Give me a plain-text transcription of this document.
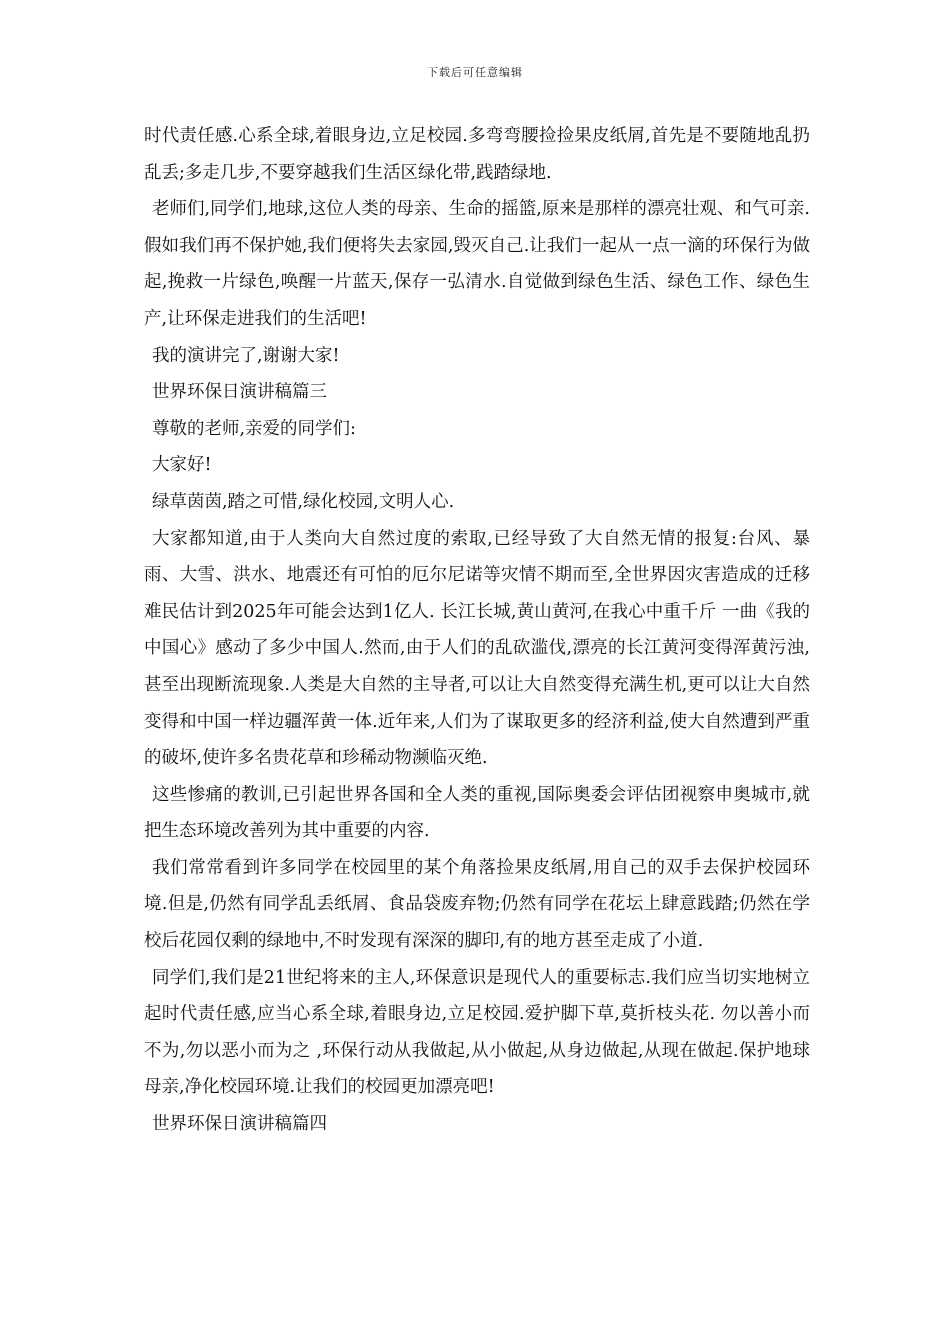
下载后可任意编辑

时代责任感.心系全球,着眼身边,立足校园.多弯弯腰捡捡果皮纸屑,首先是不要随地乱扔乱丢;多走几步,不要穿越我们生活区绿化带,践踏绿地.

老师们,同学们,地球,这位人类的母亲、生命的摇篮,原来是那样的漂亮壮观、和气可亲.假如我们再不保护她,我们便将失去家园,毁灭自己.让我们一起从一点一滴的环保行为做起,挽救一片绿色,唤醒一片蓝天,保存一弘清水.自觉做到绿色生活、绿色工作、绿色生产,让环保走进我们的生活吧!

我的演讲完了,谢谢大家!

世界环保日演讲稿篇三

尊敬的老师,亲爱的同学们:

大家好!

绿草茵茵,踏之可惜,绿化校园,文明人心.

大家都知道,由于人类向大自然过度的索取,已经导致了大自然无情的报复:台风、暴雨、大雪、洪水、地震还有可怕的厄尔尼诺等灾情不期而至,全世界因灾害造成的迁移难民估计到2025年可能会达到1亿人. 长江长城,黄山黄河,在我心中重千斤 一曲《我的中国心》感动了多少中国人.然而,由于人们的乱砍滥伐,漂亮的长江黄河变得浑黄污浊,甚至出现断流现象.人类是大自然的主导者,可以让大自然变得充满生机,更可以让大自然变得和中国一样边疆浑黄一体.近年来,人们为了谋取更多的经济利益,使大自然遭到严重的破坏,使许多名贵花草和珍稀动物濒临灭绝.

这些惨痛的教训,已引起世界各国和全人类的重视,国际奥委会评估团视察申奥城市,就把生态环境改善列为其中重要的内容.

我们常常看到许多同学在校园里的某个角落捡果皮纸屑,用自己的双手去保护校园环境.但是,仍然有同学乱丢纸屑、食品袋废弃物;仍然有同学在花坛上肆意践踏;仍然在学校后花园仅剩的绿地中,不时发现有深深的脚印,有的地方甚至走成了小道.

同学们,我们是21世纪将来的主人,环保意识是现代人的重要标志.我们应当切实地树立起时代责任感,应当心系全球,着眼身边,立足校园.爱护脚下草,莫折枝头花. 勿以善小而不为,勿以恶小而为之 ,环保行动从我做起,从小做起,从身边做起,从现在做起.保护地球母亲,净化校园环境.让我们的校园更加漂亮吧!

世界环保日演讲稿篇四
